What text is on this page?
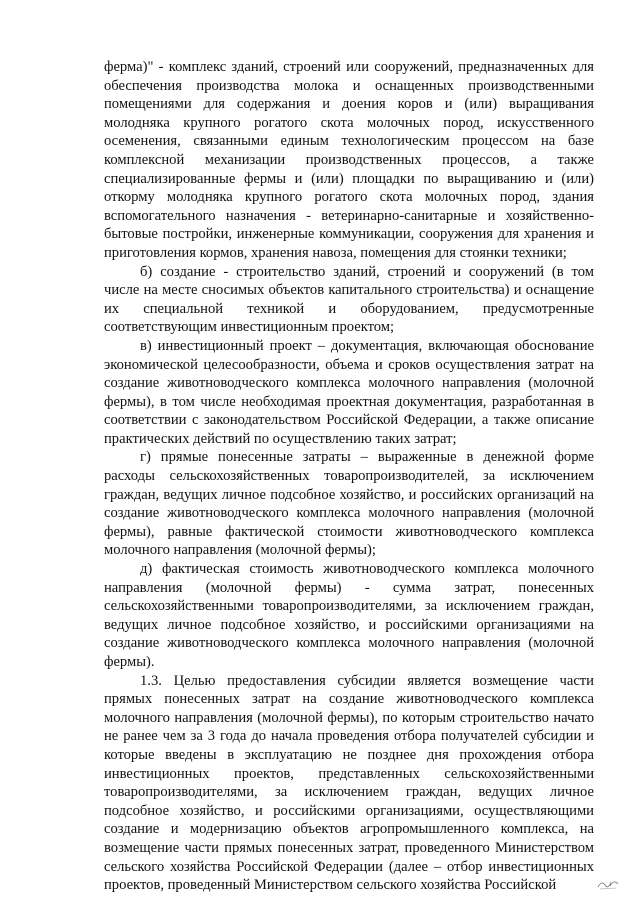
ферма)" - комплекс зданий, строений или сооружений, предназначенных для обеспечения производства молока и оснащенных производственными помещениями для содержания и доения коров и (или) выращивания молодняка крупного рогатого скота молочных пород, искусственного осеменения, связанными единым технологическим процессом на базе комплексной механизации производственных процессов, а также специализированные фермы и (или) площадки по выращиванию и (или) откорму молодняка крупного рогатого скота молочных пород, здания вспомогательного назначения - ветеринарно-санитарные и хозяйственно-бытовые постройки, инженерные коммуникации, сооружения для хранения и приготовления кормов, хранения навоза, помещения для стоянки техники;

б) создание - строительство зданий, строений и сооружений (в том числе на месте сносимых объектов капитального строительства) и оснащение их специальной техникой и оборудованием, предусмотренные соответствующим инвестиционным проектом;

в) инвестиционный проект – документация, включающая обоснование экономической целесообразности, объема и сроков осуществления затрат на создание животноводческого комплекса молочного направления (молочной фермы), в том числе необходимая проектная документация, разработанная в соответствии с законодательством Российской Федерации, а также описание практических действий по осуществлению таких затрат;

г) прямые понесенные затраты – выраженные в денежной форме расходы сельскохозяйственных товаропроизводителей, за исключением граждан, ведущих личное подсобное хозяйство, и российских организаций на создание животноводческого комплекса молочного направления (молочной фермы), равные фактической стоимости животноводческого комплекса молочного направления (молочной фермы);

д) фактическая стоимость животноводческого комплекса молочного направления (молочной фермы) - сумма затрат, понесенных сельскохозяйственными товаропроизводителями, за исключением граждан, ведущих личное подсобное хозяйство, и российскими организациями на создание животноводческого комплекса молочного направления (молочной фермы).

1.3. Целью предоставления субсидии является возмещение части прямых понесенных затрат на создание животноводческого комплекса молочного направления (молочной фермы), по которым строительство начато не ранее чем за 3 года до начала проведения отбора получателей субсидии и которые введены в эксплуатацию не позднее дня прохождения отбора инвестиционных проектов, представленных сельскохозяйственными товаропроизводителями, за исключением граждан, ведущих личное подсобное хозяйство, и российскими организациями, осуществляющими создание и модернизацию объектов агропромышленного комплекса, на возмещение части прямых понесенных затрат, проведенного Министерством сельского хозяйства Российской Федерации (далее – отбор инвестиционных проектов, проведенный Министерством сельского хозяйства Российской
